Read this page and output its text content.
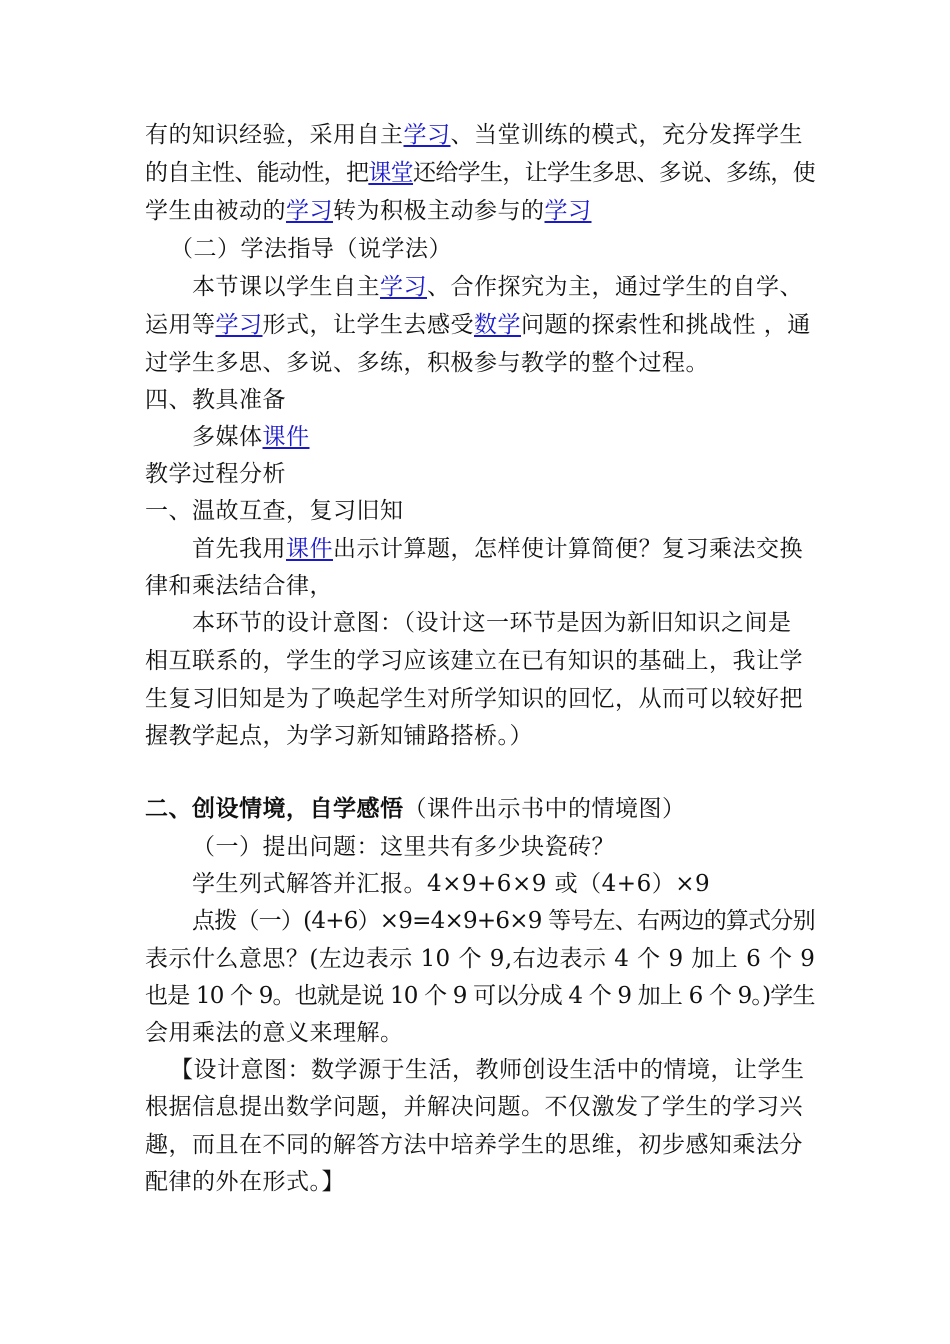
有的知识经验，采用自主学习、当堂训练的模式，充分发挥学生
的自主性、能动性，把课堂还给学生，让学生多思、多说、多练，使
学生由被动的学习转为积极主动参与的学习
（二）学法指导（说学法）
本节课以学生自主学习、合作探究为主，通过学生的自学、
运用等学习形式，让学生去感受数学问题的探索性和挑战性 ，通
过学生多思、多说、多练，积极参与教学的整个过程。
四、教具准备
多媒体课件
教学过程分析
一、温故互查，复习旧知
首先我用课件出示计算题，怎样使计算简便？复习乘法交换
律和乘法结合律，
本环节的设计意图：（设计这一环节是因为新旧知识之间是
相互联系的，学生的学习应该建立在已有知识的基础上，我让学
生复习旧知是为了唤起学生对所学知识的回忆，从而可以较好把
握教学起点，为学习新知铺路搭桥。）
二、创设情境，自学感悟（课件出示书中的情境图）
（一）提出问题：这里共有多少块瓷砖？
学生列式解答并汇报。4×9+6×9 或（4+6）×9
点拨（一）(4+6）×9=4×9+6×9 等号左、右两边的算式分别
表示什么意思？(左边表示 10 个 9,右边表示 4 个 9 加上 6 个 9
也是 10 个 9。也就是说 10 个 9 可以分成 4 个 9 加上 6 个 9。)学生
会用乘法的意义来理解。
【设计意图：数学源于生活，教师创设生活中的情境，让学生
根据信息提出数学问题，并解决问题。不仅激发了学生的学习兴
趣，而且在不同的解答方法中培养学生的思维，初步感知乘法分
配律的外在形式。】
